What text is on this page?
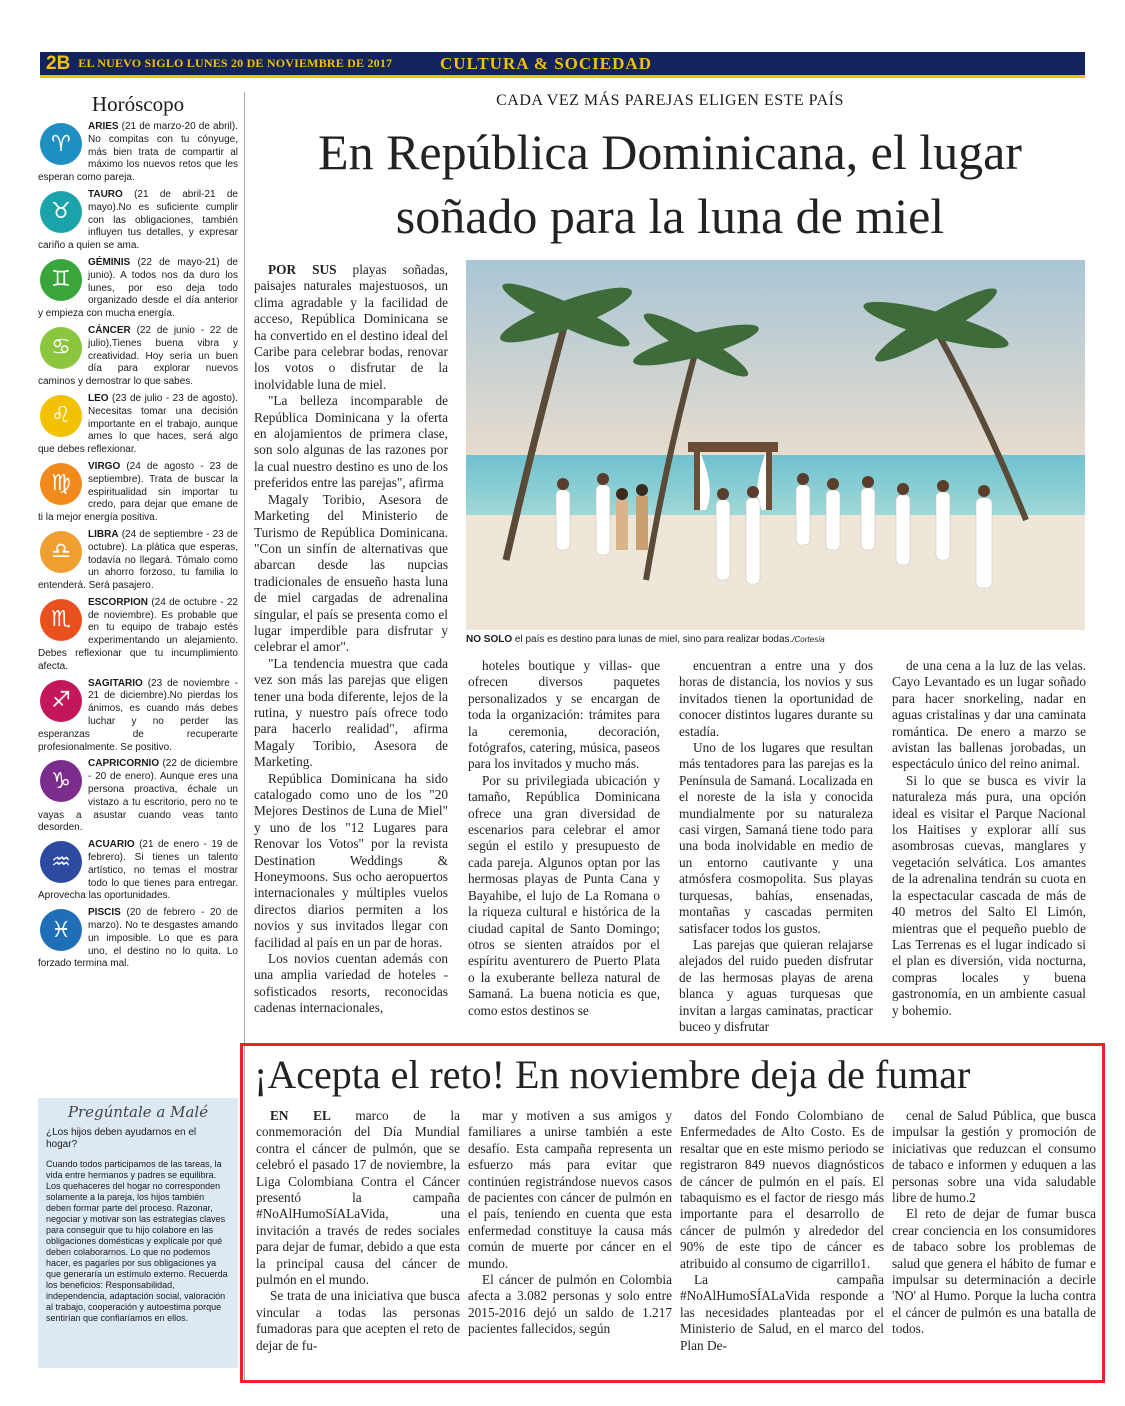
2B EL NUEVO SIGLO LUNES 20 DE NOVIEMBRE DE 2017	CULTURA & SOCIEDAD
Horóscopo
♈
ARIES (21 de marzo-20 de abril). No compitas con tu cónyuge, más bien trata de compartir al máximo los nuevos retos que les esperan como pareja.
♉
TAURO (21 de abril-21 de mayo).No es suficiente cumplir con las obligaciones, también influyen tus detalles, y expresar cariño a quien se ama.
♊
GÉMINIS (22 de mayo-21) de junio). A todos nos da duro los lunes, por eso deja todo organizado desde el día anterior y empieza con mucha energía.
♋
CÁNCER (22 de junio - 22 de julio).Tienes buena vibra y creatividad. Hoy sería un buen día para explorar nuevos caminos y demostrar lo que sabes.
♌
LEO (23 de julio - 23 de agosto). Necesitas tomar una decisión importante en el trabajo, aunque ames lo que haces, será algo que debes reflexionar.
♍
VIRGO (24 de agosto - 23 de septiembre). Trata de buscar la espiritualidad sin importar tu credo, para dejar que emane de ti la mejor energía positiva.
♎
LIBRA (24 de septiembre - 23 de octubre). La plática que esperas, todavía no llegará. Tómalo como un ahorro forzoso, tu familia lo entenderá. Será pasajero.
♏
ESCORPION (24 de octubre - 22 de noviembre). Es probable que en tu equipo de trabajo estés experimentando un alejamiento. Debes reflexionar que tu incumplimiento afecta.
♐
SAGITARIO (23 de noviembre - 21 de diciembre).No pierdas los ánimos, es cuando más debes luchar y no perder las esperanzas de recuperarte profesionalmente. Se positivo.
♑
CAPRICORNIO (22 de diciembre - 20 de enero). Aunque eres una persona proactiva, échale un vistazo a tu escritorio, pero no te vayas a asustar cuando veas tanto desorden.
♒
ACUARIO (21 de enero - 19 de febrero). Si tienes un talento artístico, no temas el mostrar todo lo que tienes para entregar. Aprovecha las oportunidades.
♓
PISCIS (20 de febrero - 20 de marzo). No te desgastes amando un imposible. Lo que es para uno, el destino no lo quita. Lo forzado termina mal.
Pregúntale a Malé
¿Los hijos deben ayudarnos en el hogar?
Cuando todos participamos de las tareas, la vida entre hermanos y padres se equilibra. Los quehaceres del hogar no corresponden solamente a la pareja, los hijos también deben formar parte del proceso. Razonar, negociar y motivar son las estrategias claves para conseguir que tu hijo colabore en las obligaciones domésticas y explícale por qué deben colaborarnos. Lo que no podemos hacer, es pagarles por sus obligaciones ya que generaría un estímulo externo. Recuerda los beneficios: Responsabilidad, independencia, adaptación social, valoración al trabajo, cooperación y autoestima porque sentirían que confiaríamos en ellos.
CADA VEZ MÁS PAREJAS ELIGEN ESTE PAÍS
En República Dominicana, el lugar
soñado para la luna de miel

POR SUS playas soñadas, paisajes naturales majestuosos, un clima agradable y la facilidad de acceso, República Dominicana se ha convertido en el destino ideal del Caribe para celebrar bodas, renovar los votos o disfrutar de la inolvidable luna de miel.

"La belleza incomparable de República Dominicana y la oferta en alojamientos de primera clase, son solo algunas de las razones por la cual nuestro destino es uno de los preferidos entre las parejas", afirma

Magaly Toribio, Asesora de Marketing del Ministerio de Turismo de República Dominicana. "Con un sinfín de alternativas que abarcan desde las nupcias tradicionales de ensueño hasta luna de miel cargadas de adrenalina singular, el país se presenta como el lugar imperdible para disfrutar y celebrar el amor".

"La tendencia muestra que cada vez son más las parejas que eligen tener una boda diferente, lejos de la rutina, y nuestro país ofrece todo para hacerlo realidad", afirma Magaly Toribio, Asesora de Marketing.

República Dominicana ha sido catalogado como uno de los "20 Mejores Destinos de Luna de Miel" y uno de los "12 Lugares para Renovar los Votos" por la revista Destination Weddings & Honeymoons. Sus ocho aeropuertos internacionales y múltiples vuelos directos diarios permiten a los novios y sus invitados llegar con facilidad al país en un par de horas.

Los novios cuentan además con una amplia variedad de hoteles -sofisticados resorts, reconocidas cadenas internacionales,

hoteles boutique y villas- que ofrecen diversos paquetes personalizados y se encargan de toda la organización: trámites para la ceremonia, decoración, fotógrafos, catering, música, paseos para los invitados y mucho más.

Por su privilegiada ubicación y tamaño, República Dominicana ofrece una gran diversidad de escenarios para celebrar el amor según el estilo y presupuesto de cada pareja. Algunos optan por las hermosas playas de Punta Cana y Bayahibe, el lujo de La Romana o la riqueza cultural e histórica de la ciudad capital de Santo Domingo; otros se sienten atraídos por el espíritu aventurero de Puerto Plata o la exuberante belleza natural de Samaná. La buena noticia es que, como estos destinos se

encuentran a entre una y dos horas de distancia, los novios y sus invitados tienen la oportunidad de conocer distintos lugares durante su estadía.

Uno de los lugares que resultan más tentadores para las parejas es la Península de Samaná. Localizada en el noreste de la isla y conocida mundialmente por su naturaleza casi virgen, Samaná tiene todo para una boda inolvidable en medio de un entorno cautivante y una atmósfera cosmopolita. Sus playas turquesas, bahías, ensenadas, montañas y cascadas permiten satisfacer todos los gustos.

Las parejas que quieran relajarse alejados del ruido pueden disfrutar de las hermosas playas de arena blanca y aguas turquesas que invitan a largas caminatas, practicar buceo y disfrutar

de una cena a la luz de las velas. Cayo Levantado es un lugar soñado para hacer snorkeling, nadar en aguas cristalinas y dar una caminata romántica. De enero a marzo se avistan las ballenas jorobadas, un espectáculo único del reino animal.

Si lo que se busca es vivir la naturaleza más pura, una opción ideal es visitar el Parque Nacional los Haitises y explorar allí sus asombrosas cuevas, manglares y vegetación selvática. Los amantes de la adrenalina tendrán su cuota en la espectacular cascada de más de 40 metros del Salto El Limón, mientras que el pequeño pueblo de Las Terrenas es el lugar indicado si el plan es diversión, vida nocturna, compras locales y buena gastronomía, en un ambiente casual y bohemio.

NO SOLO el país es destino para lunas de miel, sino para realizar bodas./Cortesía
¡Acepta el reto! En noviembre deja de fumar

EN EL marco de la conmemoración del Día Mundial contra el cáncer de pulmón, que se celebró el pasado 17 de noviembre, la Liga Colombiana Contra el Cáncer presentó la campaña #NoAlHumoSíALaVida, una invitación a través de redes sociales para dejar de fumar, debido a que esta la principal causa del cáncer de pulmón en el mundo.

Se trata de una iniciativa que busca vincular a todas las personas fumadoras para que acepten el reto de dejar de fu-

mar y motiven a sus amigos y familiares a unirse también a este desafío. Esta campaña representa un esfuerzo más para evitar que continúen registrándose nuevos casos de pacientes con cáncer de pulmón en el país, teniendo en cuenta que esta enfermedad constituye la causa más común de muerte por cáncer en el mundo.

El cáncer de pulmón en Colombia afecta a 3.082 personas y solo entre 2015-2016 dejó un saldo de 1.217 pacientes fallecidos, según

datos del Fondo Colombiano de Enfermedades de Alto Costo. Es de resaltar que en este mismo periodo se registraron 849 nuevos diagnósticos de cáncer de pulmón en el país. El tabaquismo es el factor de riesgo más importante para el desarrollo de cáncer de pulmón y alrededor del 90% de este tipo de cáncer es atribuido al consumo de cigarrillo1.

La campaña #NoAlHumoSÍALaVida responde a las necesidades planteadas por el Ministerio de Salud, en el marco del Plan De-

cenal de Salud Pública, que busca impulsar la gestión y promoción de iniciativas que reduzcan el consumo de tabaco e informen y eduquen a las personas sobre una vida saludable libre de humo.2

El reto de dejar de fumar busca crear conciencia en los consumidores de tabaco sobre los problemas de salud que genera el hábito de fumar e impulsar su determinación a decirle 'NO' al Humo. Porque la lucha contra el cáncer de pulmón es una batalla de todos.
